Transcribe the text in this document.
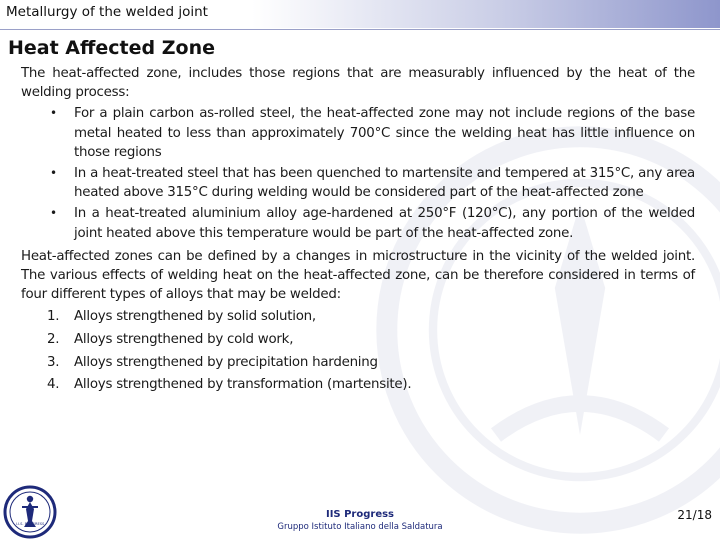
Metallurgy of the welded joint
Heat Affected Zone

The heat-affected zone, includes those regions that are measurably influenced by the heat of the welding process:

• For a plain carbon as-rolled steel, the heat-affected zone may not include regions of the base metal heated to less than approximately 700°C since the welding heat has little influence on those regions
• In a heat-treated steel that has been quenched to martensite and tempered at 315°C, any area heated above 315°C during welding would be considered part of the heat-affected zone
• In a heat-treated aluminium alloy age-hardened at 250°F (120°C), any portion of the welded joint heated above this temperature would be part of the heat-affected zone.

Heat-affected zones can be defined by a changes in microstructure in the vicinity of the welded joint. The various effects of welding heat on the heat-affected zone, can be therefore considered in terms of four different types of alloys that may be welded:

1. Alloys strengthened by solid solution,
2. Alloys strengthened by cold work,
3. Alloys strengthened by precipitation hardening
4. Alloys strengthened by transformation (martensite).
I.I.S. PROGRESS
IIS Progress
Gruppo Istituto Italiano della Saldatura
21/18
